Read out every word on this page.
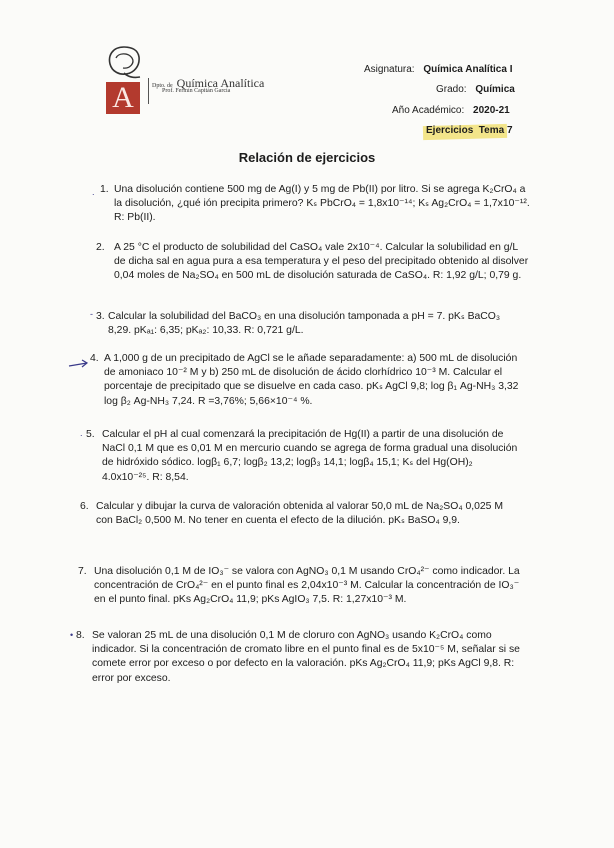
A	Dpto. de Química Analítica
Prof. Fermín Capitán García
Asignatura: Química Analítica I
Grado: Química
Año Académico: 2020-21
Ejercicios  Tema 7
Relación de ejercicios
. 1. Una disolución contiene 500 mg de Ag(I) y 5 mg de Pb(II) por litro. Si se agrega K₂CrO₄ a la disolución, ¿qué ión precipita primero? Kₛ PbCrO₄ = 1,8x10⁻¹⁴; Kₛ Ag₂CrO₄ = 1,7x10⁻¹². R: Pb(II).

2. A 25 °C el producto de solubilidad del CaSO₄ vale 2x10⁻⁴. Calcular la solubilidad en g/L de dicha sal en agua pura a esa temperatura y el peso del precipitado obtenido al disolver 0,04 moles de Na₂SO₄ en 500 mL de disolución saturada de CaSO₄. R: 1,92 g/L; 0,79 g.

- 3. Calcular la solubilidad del BaCO₃ en una disolución tamponada a pH = 7. pKₛ BaCO₃ 8,29. pKₐ₁: 6,35; pKₐ₂: 10,33. R: 0,721 g/L.

4. A 1,000 g de un precipitado de AgCl se le añade separadamente: a) 500 mL de disolución de amoniaco 10⁻² M y b) 250 mL de disolución de ácido clorhídrico 10⁻³ M. Calcular el porcentaje de precipitado que se disuelve en cada caso. pKₛ AgCl 9,8; log β₁ Ag-NH₃ 3,32 log β₂ Ag-NH₃ 7,24. R =3,76%; 5,66×10⁻⁴ %.

. 5. Calcular el pH al cual comenzará la precipitación de Hg(II) a partir de una disolución de NaCl 0,1 M que es 0,01 M en mercurio cuando se agrega de forma gradual una disolución de hidróxido sódico. logβ₁ 6,7; logβ₂ 13,2; logβ₃ 14,1; logβ₄ 15,1; Kₛ del Hg(OH)₂ 4.0x10⁻²⁵. R: 8,54.

6. Calcular y dibujar la curva de valoración obtenida al valorar 50,0 mL de Na₂SO₄ 0,025 M con BaCl₂ 0,500 M. No tener en cuenta el efecto de la dilución. pKₛ BaSO₄ 9,9.

7. Una disolución 0,1 M de IO₃⁻ se valora con AgNO₃ 0,1 M usando CrO₄²⁻ como indicador. La concentración de CrO₄²⁻ en el punto final es 2,04x10⁻³ M. Calcular la concentración de IO₃⁻ en el punto final. pKs Ag₂CrO₄ 11,9; pKs AgIO₃ 7,5. R: 1,27x10⁻³ M.

• 8. Se valoran 25 mL de una disolución 0,1 M de cloruro con AgNO₃ usando K₂CrO₄ como indicador. Si la concentración de cromato libre en el punto final es de 5x10⁻⁵ M, señalar si se comete error por exceso o por defecto en la valoración. pKs Ag₂CrO₄ 11,9; pKs AgCl 9,8. R: error por exceso.
